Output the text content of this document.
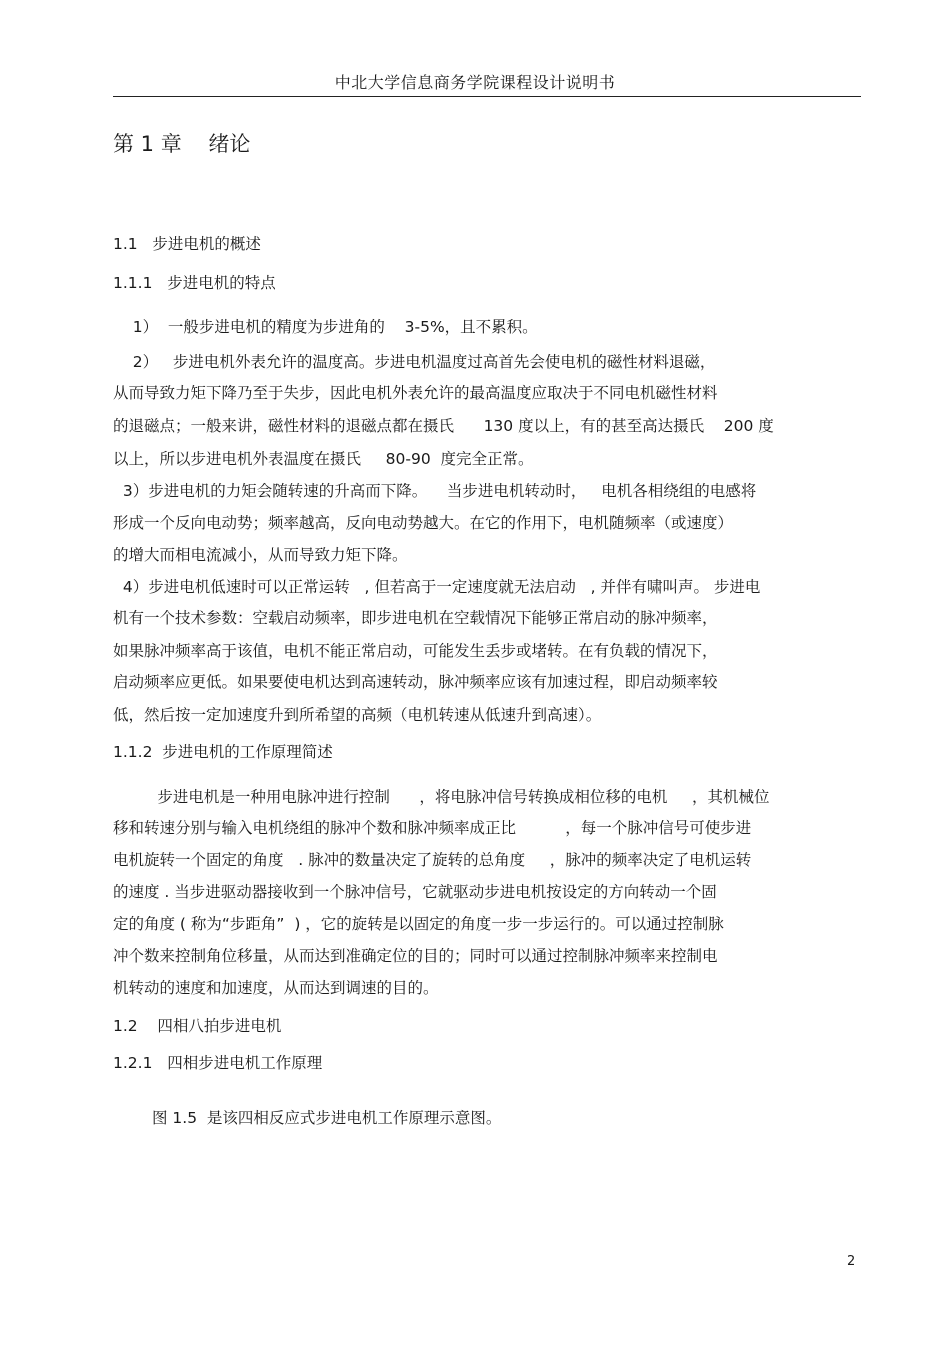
中北大学信息商务学院课程设计说明书
第 1 章    绪论
1.1   步进电机的概述
1.1.1   步进电机的特点
1）  一般步进电机的精度为步进角的    3-5%，且不累积。
2）   步进电机外表允许的温度高。步进电机温度过高首先会使电机的磁性材料退磁，
从而导致力矩下降乃至于失步，因此电机外表允许的最高温度应取决于不同电机磁性材料
的退磁点；一般来讲，磁性材料的退磁点都在摄氏      130 度以上，有的甚至高达摄氏    200 度
以上，所以步进电机外表温度在摄氏     80-90  度完全正常。
3）步进电机的力矩会随转速的升高而下降。    当步进电机转动时，   电机各相绕组的电感将
形成一个反向电动势；频率越高，反向电动势越大。在它的作用下，电机随频率（或速度）
的增大而相电流减小，从而导致力矩下降。
4）步进电机低速时可以正常运转   , 但若高于一定速度就无法启动   , 并伴有啸叫声。 步进电
机有一个技术参数：空载启动频率，即步进电机在空载情况下能够正常启动的脉冲频率，
如果脉冲频率高于该值，电机不能正常启动，可能发生丢步或堵转。在有负载的情况下，
启动频率应更低。如果要使电机达到高速转动，脉冲频率应该有加速过程，即启动频率较
低，然后按一定加速度升到所希望的高频（电机转速从低速升到高速）。
1.1.2  步进电机的工作原理简述
步进电机是一种用电脉冲进行控制      ，将电脉冲信号转换成相位移的电机     ，其机械位
移和转速分别与输入电机绕组的脉冲个数和脉冲频率成正比          ，每一个脉冲信号可使步进
电机旋转一个固定的角度   . 脉冲的数量决定了旋转的总角度     ，脉冲的频率决定了电机运转
的速度 . 当步进驱动器接收到一个脉冲信号，它就驱动步进电机按设定的方向转动一个固
定的角度 ( 称为“步距角”  ) ，它的旋转是以固定的角度一步一步运行的。可以通过控制脉
冲个数来控制角位移量，从而达到准确定位的目的；同时可以通过控制脉冲频率来控制电
机转动的速度和加速度，从而达到调速的目的。
1.2    四相八拍步进电机
1.2.1   四相步进电机工作原理
图 1.5  是该四相反应式步进电机工作原理示意图。
2
